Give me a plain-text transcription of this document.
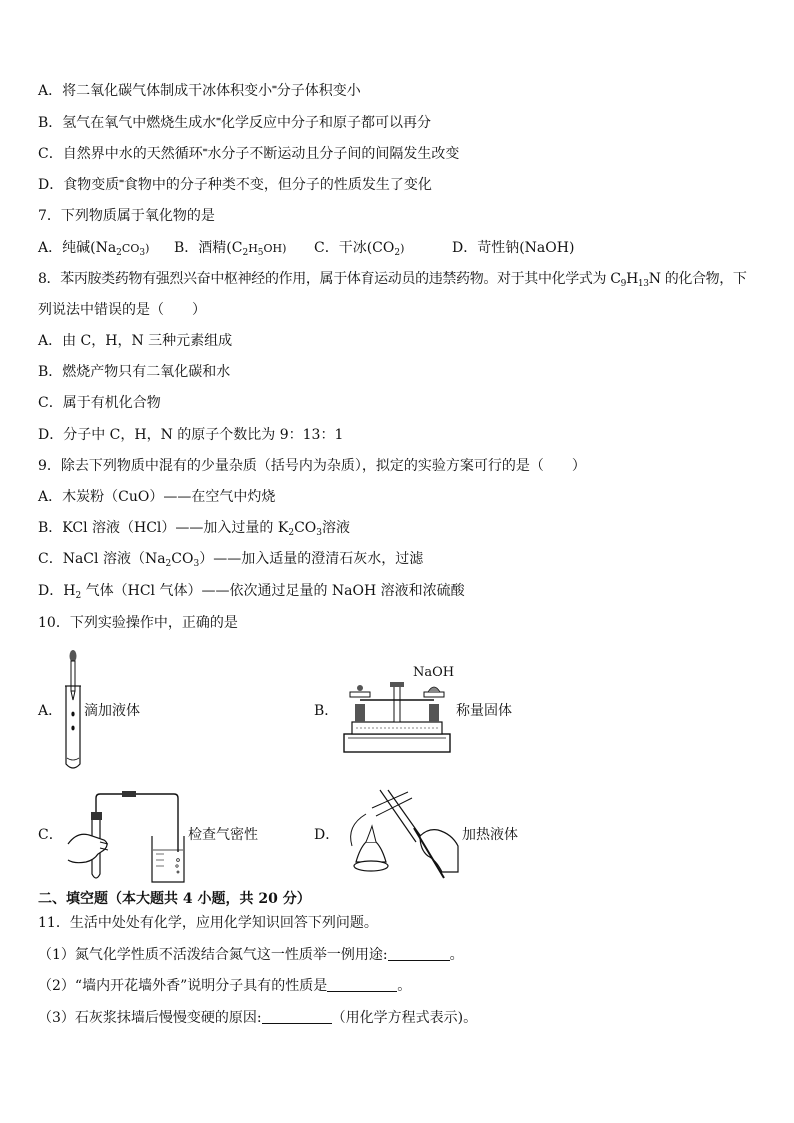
A．将二氧化碳气体制成干冰体积变小˭分子体积变小
B．氢气在氧气中燃烧生成水˭化学反应中分子和原子都可以再分
C．自然界中水的天然循环˭水分子不断运动且分子间的间隔发生改变
D．食物变质˭食物中的分子种类不变，但分子的性质发生了变化
7．下列物质属于氧化物的是
A．纯碱$(Na_2CO_3)$ B．酒精$(C_2H_5OH)$ C．干冰$(CO_2)$	D．苛性钠(NaOH)
8．苯丙胺类药物有强烈兴奋中枢神经的作用，属于体育运动员的违禁药物。对于其中化学式为 $C_9H_{13}N$ 的化合物，下
列说法中错误的是（　　）
A．由 C，H，N 三种元素组成
B．燃烧产物只有二氧化碳和水
C．属于有机化合物
D．分子中 C，H，N 的原子个数比为 9：13：1
9．除去下列物质中混有的少量杂质（括号内为杂质），拟定的实验方案可行的是（　　）
A．木炭粉（CuO）——在空气中灼烧
B．KCl 溶液（HCl）——加入过量的 $K_2CO_3$溶液
C．NaCl 溶液$(Na_2CO_3)——$加入适量的澄清石灰水，过滤
D．$H_2$ 气体（HCl 气体）——依次通过足量的 NaOH 溶液和浓硫酸
10．下列实验操作中，正确的是
A． 滴加液体	B．
NaOH
称量固体
C．	检查气密性	D．	加热液体
二、填空题（本大题共 4 小题，共 20 分）
11．生活中处处有化学，应用化学知识回答下列问题。
（1）氮气化学性质不活泼结合氮气这一性质举一例用途:	。
（2）“墙内开花墙外香”说明分子具有的性质是	。
（3）石灰浆抹墙后慢慢变硬的原因:	（用化学方程式表示)。
